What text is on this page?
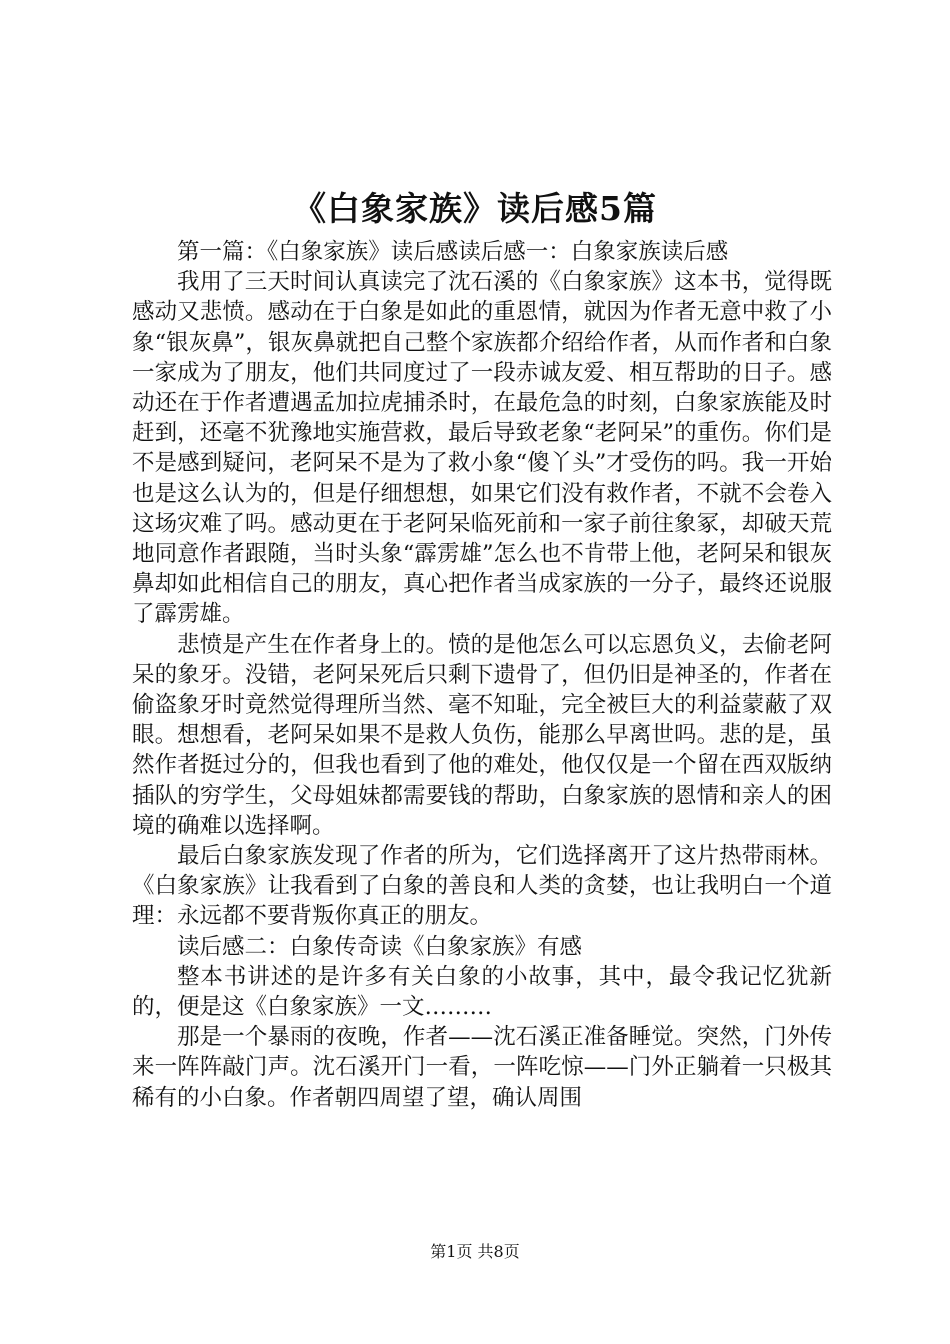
《白象家族》读后感5篇

第一篇：《白象家族》读后感读后感一：白象家族读后感

我用了三天时间认真读完了沈石溪的《白象家族》这本书，觉得既感动又悲愤。感动在于白象是如此的重恩情，就因为作者无意中救了小象“银灰鼻”，银灰鼻就把自己整个家族都介绍给作者，从而作者和白象一家成为了朋友，他们共同度过了一段赤诚友爱、相互帮助的日子。感动还在于作者遭遇孟加拉虎捕杀时，在最危急的时刻，白象家族能及时赶到，还毫不犹豫地实施营救，最后导致老象“老阿呆”的重伤。你们是不是感到疑问，老阿呆不是为了救小象“傻丫头”才受伤的吗。我一开始也是这么认为的，但是仔细想想，如果它们没有救作者，不就不会卷入这场灾难了吗。感动更在于老阿呆临死前和一家子前往象冢，却破天荒地同意作者跟随，当时头象“霹雳雄”怎么也不肯带上他，老阿呆和银灰鼻却如此相信自己的朋友，真心把作者当成家族的一分子，最终还说服了霹雳雄。

悲愤是产生在作者身上的。愤的是他怎么可以忘恩负义，去偷老阿呆的象牙。没错，老阿呆死后只剩下遗骨了，但仍旧是神圣的，作者在偷盗象牙时竟然觉得理所当然、毫不知耻，完全被巨大的利益蒙蔽了双眼。想想看，老阿呆如果不是救人负伤，能那么早离世吗。悲的是，虽然作者挺过分的，但我也看到了他的难处，他仅仅是一个留在西双版纳插队的穷学生，父母姐妹都需要钱的帮助，白象家族的恩情和亲人的困境的确难以选择啊。

最后白象家族发现了作者的所为，它们选择离开了这片热带雨林。《白象家族》让我看到了白象的善良和人类的贪婪，也让我明白一个道理：永远都不要背叛你真正的朋友。

读后感二：白象传奇读《白象家族》有感

整本书讲述的是许多有关白象的小故事，其中，最令我记忆犹新的，便是这《白象家族》一文………

那是一个暴雨的夜晚，作者——沈石溪正准备睡觉。突然，门外传来一阵阵敲门声。沈石溪开门一看，一阵吃惊——门外正躺着一只极其稀有的小白象。作者朝四周望了望，确认周围

第1页 共8页
